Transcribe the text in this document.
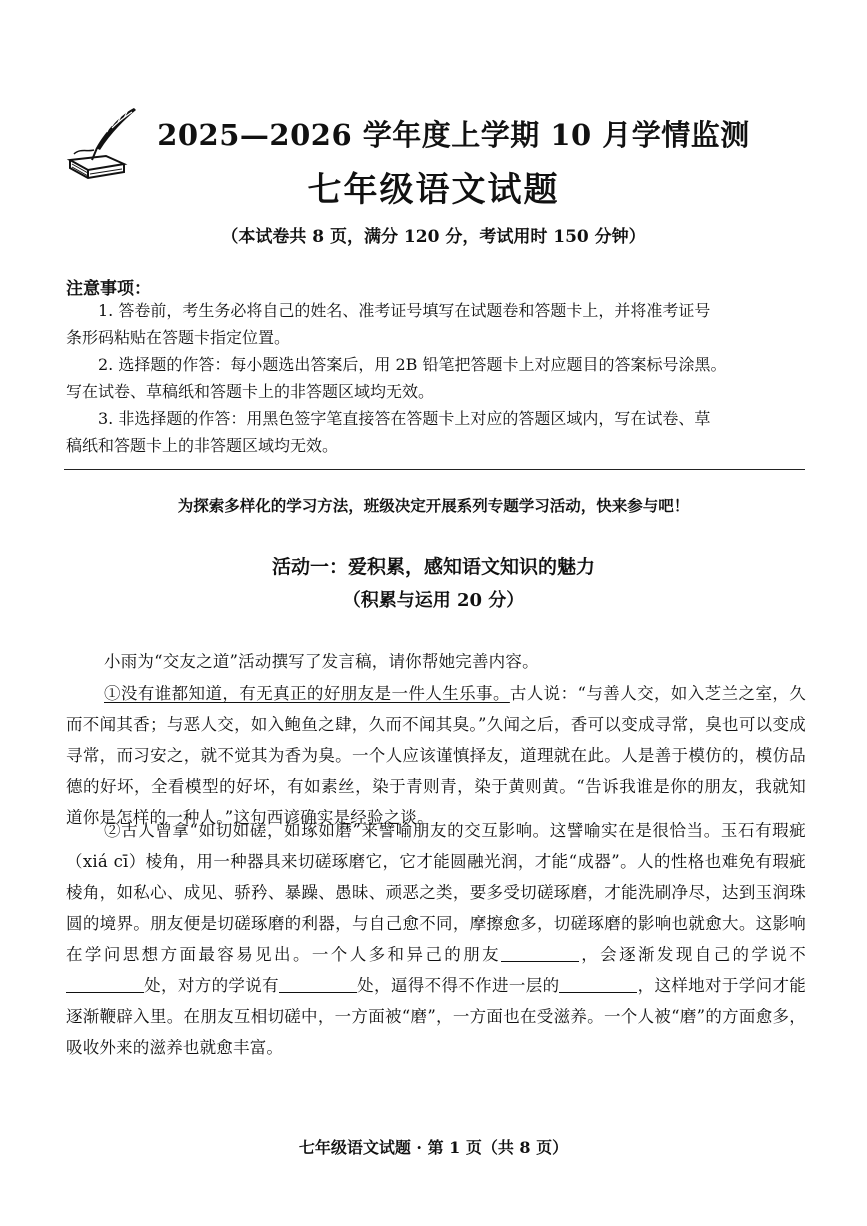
2025—2026 学年度上学期 10 月学情监测
七年级语文试题
（本试卷共 8 页，满分 120 分，考试用时 150 分钟）
注意事项：
1. 答卷前，考生务必将自己的姓名、准考证号填写在试题卷和答题卡上，并将准考证号
条形码粘贴在答题卡指定位置。
2. 选择题的作答：每小题选出答案后，用 2B 铅笔把答题卡上对应题目的答案标号涂黑。
写在试卷、草稿纸和答题卡上的非答题区域均无效。
3. 非选择题的作答：用黑色签字笔直接答在答题卡上对应的答题区域内，写在试卷、草
稿纸和答题卡上的非答题区域均无效。
为探索多样化的学习方法，班级决定开展系列专题学习活动，快来参与吧！
活动一：爱积累，感知语文知识的魅力
（积累与运用 20 分）
小雨为“交友之道”活动撰写了发言稿，请你帮她完善内容。
①没有谁都知道，有无真正的好朋友是一件人生乐事。古人说：“与善人交，如入芝兰之室，久而不闻其香；与恶人交，如入鲍鱼之肆，久而不闻其臭。”久闻之后，香可以变成寻常，臭也可以变成寻常，而习安之，就不觉其为香为臭。一个人应该谨慎择友，道理就在此。人是善于模仿的，模仿品德的好坏，全看模型的好坏，有如素丝，染于青则青，染于黄则黄。“告诉我谁是你的朋友，我就知道你是怎样的一种人。”这句西谚确实是经验之谈。
②古人曾拿“如切如磋，如琢如磨”来譬喻朋友的交互影响。这譬喻实在是很恰当。玉石有瑕疵（xiá cī）棱角，用一种器具来切磋琢磨它，它才能圆融光润，才能“成器”。人的性格也难免有瑕疵棱角，如私心、成见、骄矜、暴躁、愚昧、顽恶之类，要多受切磋琢磨，才能洗刷净尽，达到玉润珠圆的境界。朋友便是切磋琢磨的利器，与自己愈不同，摩擦愈多，切磋琢磨的影响也就愈大。这影响在学问思想方面最容易见出。一个人多和异己的朋友	，会逐渐发现自己的学说不处，对方的学说有	处，逼得不得不作进一层的	，这样地对于学问才能逐渐鞭辟入里。在朋友互相切磋中，一方面被“磨”，一方面也在受滋养。一个人被“磨”的方面愈多，吸收外来的滋养也就愈丰富。
七年级语文试题 · 第 1 页（共 8 页）
